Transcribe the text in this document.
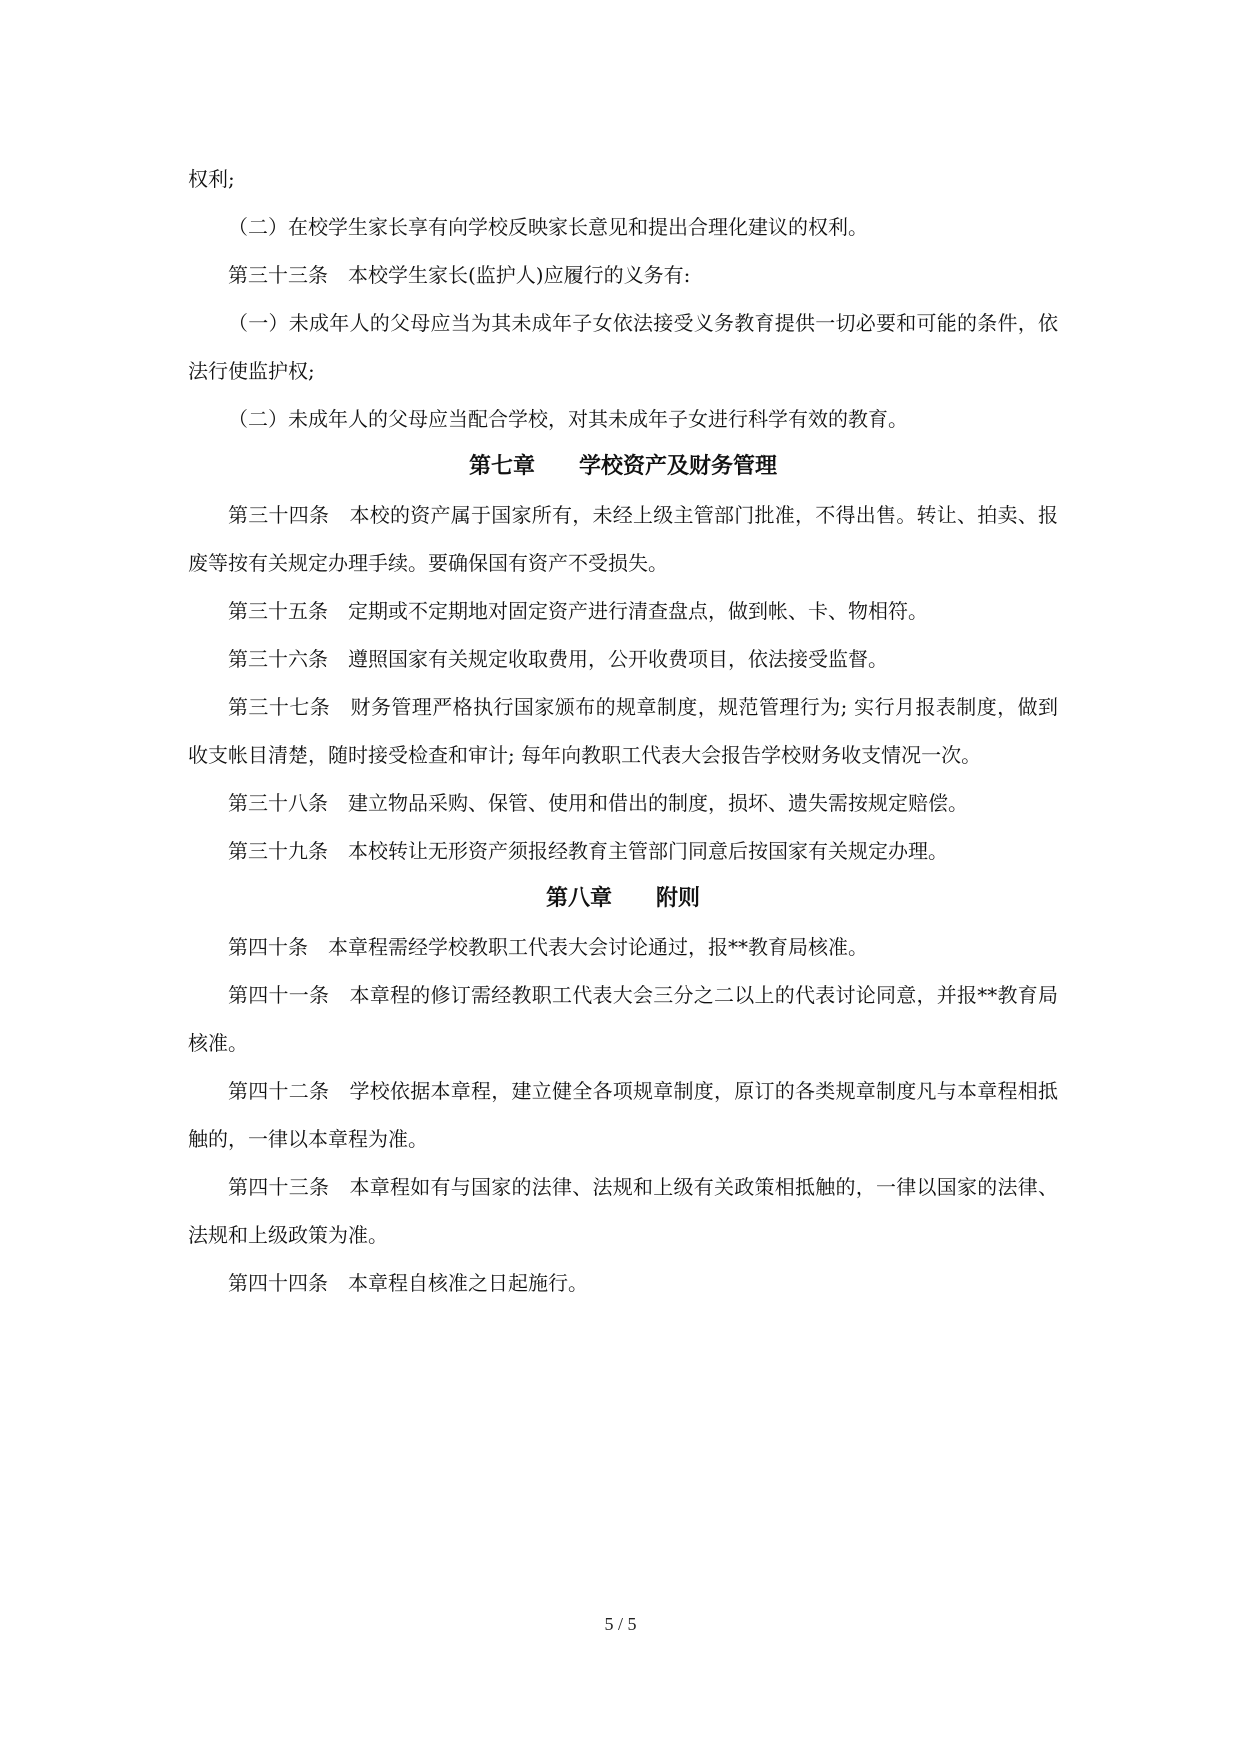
权利;

（二）在校学生家长享有向学校反映家长意见和提出合理化建议的权利。

第三十三条　本校学生家长(监护人)应履行的义务有:

（一）未成年人的父母应当为其未成年子女依法接受义务教育提供一切必要和可能的条件，依法行使监护权;

（二）未成年人的父母应当配合学校，对其未成年子女进行科学有效的教育。

第七章　　学校资产及财务管理

第三十四条　本校的资产属于国家所有，未经上级主管部门批准，不得出售。转让、拍卖、报废等按有关规定办理手续。要确保国有资产不受损失。

第三十五条　定期或不定期地对固定资产进行清查盘点，做到帐、卡、物相符。

第三十六条　遵照国家有关规定收取费用，公开收费项目，依法接受监督。

第三十七条　财务管理严格执行国家颁布的规章制度，规范管理行为; 实行月报表制度，做到收支帐目清楚，随时接受检查和审计; 每年向教职工代表大会报告学校财务收支情况一次。

第三十八条　建立物品采购、保管、使用和借出的制度，损坏、遗失需按规定赔偿。

第三十九条　本校转让无形资产须报经教育主管部门同意后按国家有关规定办理。

第八章　　附则

第四十条　本章程需经学校教职工代表大会讨论通过，报**教育局核准。

第四十一条　本章程的修订需经教职工代表大会三分之二以上的代表讨论同意，并报**教育局核准。

第四十二条　学校依据本章程，建立健全各项规章制度，原订的各类规章制度凡与本章程相抵触的，一律以本章程为准。

第四十三条　本章程如有与国家的法律、法规和上级有关政策相抵触的，一律以国家的法律、法规和上级政策为准。

第四十四条　本章程自核准之日起施行。

5 / 5
